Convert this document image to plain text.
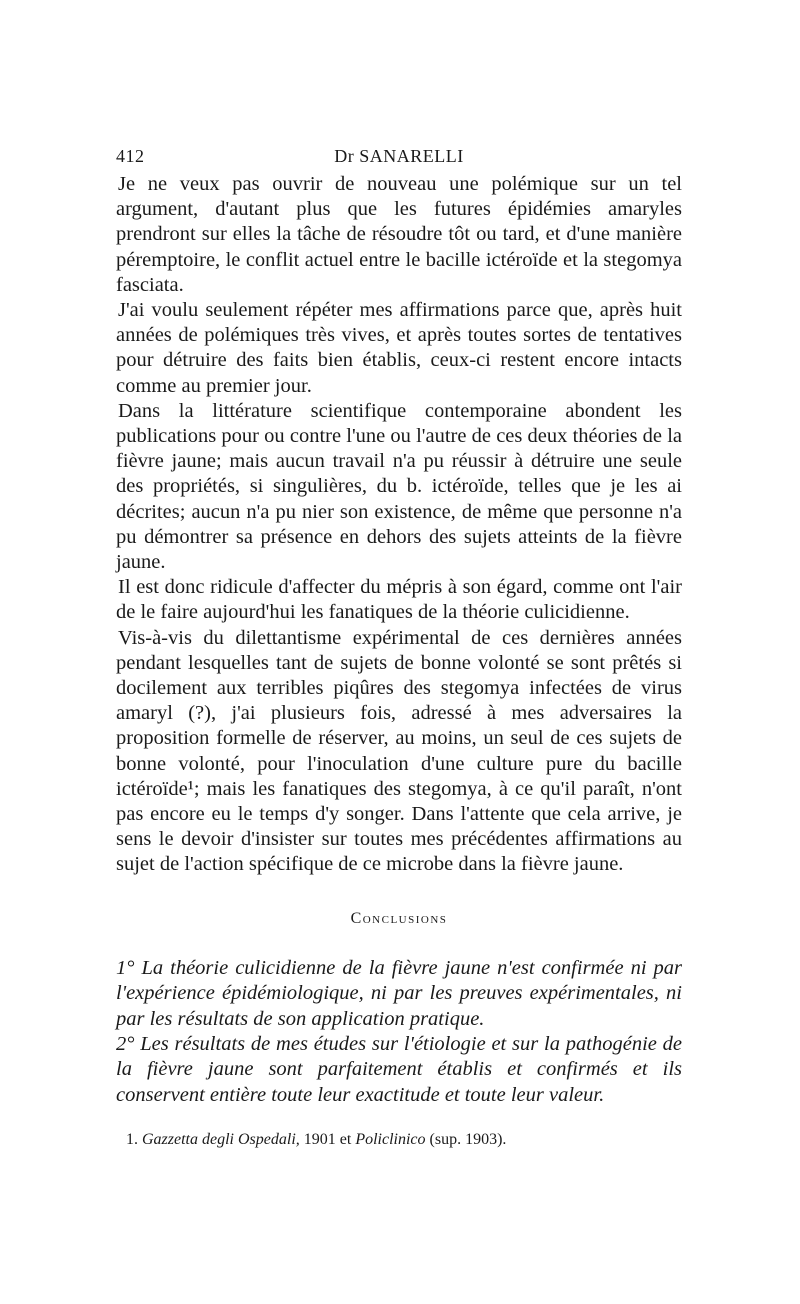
412	Dr SANARELLI

Je ne veux pas ouvrir de nouveau une polémique sur un tel argument, d'autant plus que les futures épidémies amaryles prendront sur elles la tâche de résoudre tôt ou tard, et d'une manière péremptoire, le conflit actuel entre le bacille ictéroïde et la stegomya fasciata.

J'ai voulu seulement répéter mes affirmations parce que, après huit années de polémiques très vives, et après toutes sortes de tentatives pour détruire des faits bien établis, ceux-ci restent encore intacts comme au premier jour.

Dans la littérature scientifique contemporaine abondent les publications pour ou contre l'une ou l'autre de ces deux théories de la fièvre jaune; mais aucun travail n'a pu réussir à détruire une seule des propriétés, si singulières, du b. ictéroïde, telles que je les ai décrites; aucun n'a pu nier son existence, de même que personne n'a pu démontrer sa présence en dehors des sujets atteints de la fièvre jaune.

Il est donc ridicule d'affecter du mépris à son égard, comme ont l'air de le faire aujourd'hui les fanatiques de la théorie culicidienne.

Vis-à-vis du dilettantisme expérimental de ces dernières années pendant lesquelles tant de sujets de bonne volonté se sont prêtés si docilement aux terribles piqûres des stegomya infectées de virus amaryl (?), j'ai plusieurs fois, adressé à mes adversaires la proposition formelle de réserver, au moins, un seul de ces sujets de bonne volonté, pour l'inoculation d'une culture pure du bacille ictéroïde¹; mais les fanatiques des stegomya, à ce qu'il paraît, n'ont pas encore eu le temps d'y songer. Dans l'attente que cela arrive, je sens le devoir d'insister sur toutes mes précédentes affirmations au sujet de l'action spécifique de ce microbe dans la fièvre jaune.

Conclusions

1° La théorie culicidienne de la fièvre jaune n'est confirmée ni par l'expérience épidémiologique, ni par les preuves expérimentales, ni par les résultats de son application pratique.

2° Les résultats de mes études sur l'étiologie et sur la pathogénie de la fièvre jaune sont parfaitement établis et confirmés et ils conservent entière toute leur exactitude et toute leur valeur.

1. Gazzetta degli Ospedali, 1901 et Policlinico (sup. 1903).
